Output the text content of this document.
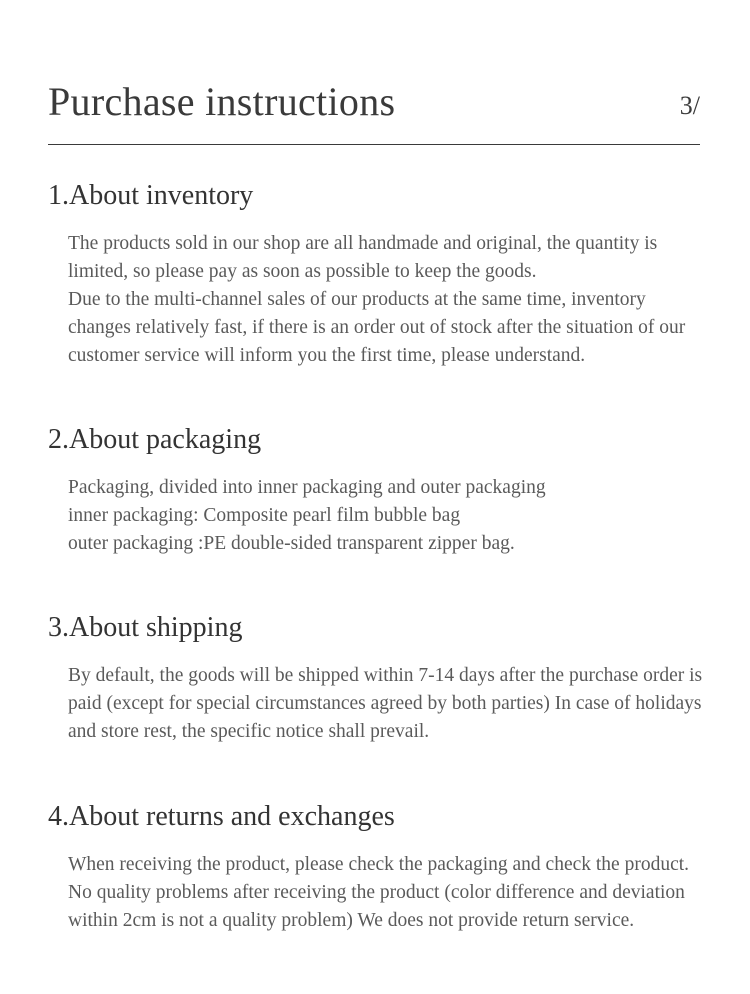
Purchase instructions	3/
1.About inventory

The products sold in our shop are all handmade and original, the quantity is limited, so please pay as soon as possible to keep the goods.

Due to the multi-channel sales of our products at the same time, inventory changes relatively fast, if there is an order out of stock after the situation of our customer service will inform you the first time, please understand.

2.About packaging

Packaging, divided into inner packaging and outer packaging

inner packaging: Composite pearl film bubble bag

outer packaging :PE double-sided transparent zipper bag.

3.About shipping

By default, the goods will be shipped within 7-14 days after the purchase order is paid (except for special circumstances agreed by both parties) In case of holidays and store rest, the specific notice shall prevail.

4.About returns and exchanges

When receiving the product, please check the packaging and check the product. No quality problems after receiving the product (color difference and deviation within 2cm is not a quality problem) We does not provide return service.
